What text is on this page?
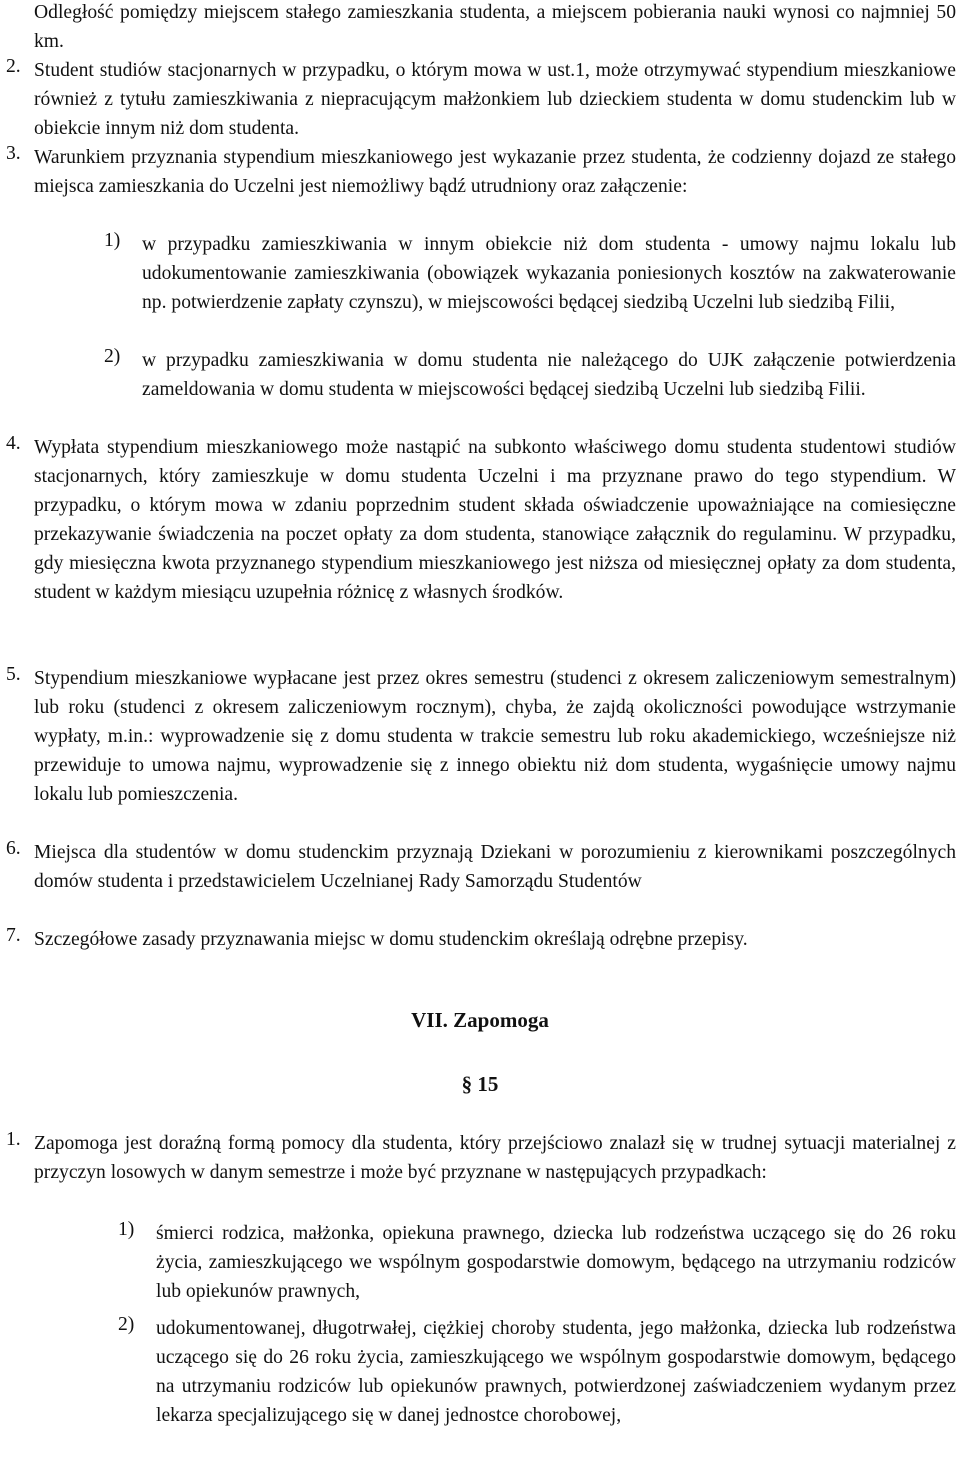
Odległość pomiędzy miejscem stałego zamieszkania studenta, a miejscem pobierania nauki wynosi co najmniej 50 km.
2. Student studiów stacjonarnych w przypadku, o którym mowa w ust.1, może otrzymywać stypendium mieszkaniowe również z tytułu zamieszkiwania z niepracującym małżonkiem lub dzieckiem studenta w domu studenckim lub w obiekcie innym niż dom studenta.
3. Warunkiem przyznania stypendium mieszkaniowego jest wykazanie przez studenta, że codzienny dojazd ze stałego miejsca zamieszkania do Uczelni jest niemożliwy bądź utrudniony oraz załączenie:
1) w przypadku zamieszkiwania w innym obiekcie niż dom studenta - umowy najmu lokalu lub udokumentowanie zamieszkiwania (obowiązek wykazania poniesionych kosztów na zakwaterowanie np. potwierdzenie zapłaty czynszu), w miejscowości będącej siedzibą Uczelni lub siedzibą Filii,
2) w przypadku zamieszkiwania w domu studenta nie należącego do UJK załączenie potwierdzenia zameldowania w domu studenta w miejscowości będącej siedzibą Uczelni lub siedzibą Filii.
4. Wypłata stypendium mieszkaniowego może nastąpić na subkonto właściwego domu studenta studentowi studiów stacjonarnych, który zamieszkuje w domu studenta Uczelni i ma przyznane prawo do tego stypendium. W przypadku, o którym mowa w zdaniu poprzednim student składa oświadczenie upoważniające na comiesięczne przekazywanie świadczenia na poczet opłaty za dom studenta, stanowiące załącznik do regulaminu. W przypadku, gdy miesięczna kwota przyznanego stypendium mieszkaniowego jest niższa od miesięcznej opłaty za dom studenta, student w każdym miesiącu uzupełnia różnicę z własnych środków.
5. Stypendium mieszkaniowe wypłacane jest przez okres semestru (studenci z okresem zaliczeniowym semestralnym) lub roku (studenci z okresem zaliczeniowym rocznym), chyba, że zajdą okoliczności powodujące wstrzymanie wypłaty, m.in.: wyprowadzenie się z domu studenta w trakcie semestru lub roku akademickiego, wcześniejsze niż przewiduje to umowa najmu, wyprowadzenie się z innego obiektu niż dom studenta, wygaśnięcie umowy najmu lokalu lub pomieszczenia.
6. Miejsca dla studentów w domu studenckim przyznają Dziekani w porozumieniu z kierownikami poszczególnych domów studenta i przedstawicielem Uczelnianej Rady Samorządu Studentów
7. Szczegółowe zasady przyznawania miejsc w domu studenckim określają odrębne przepisy.
VII. Zapomoga
§ 15
1. Zapomoga jest doraźną formą pomocy dla studenta, który przejściowo znalazł się w trudnej sytuacji materialnej z przyczyn losowych w danym semestrze i może być przyznane w następujących przypadkach:
1) śmierci rodzica, małżonka, opiekuna prawnego, dziecka lub rodzeństwa uczącego się do 26 roku życia, zamieszkującego we wspólnym gospodarstwie domowym, będącego na utrzymaniu rodziców lub opiekunów prawnych,
2) udokumentowanej, długotrwałej, ciężkiej choroby studenta, jego małżonka, dziecka lub rodzeństwa uczącego się do 26 roku życia, zamieszkującego we wspólnym gospodarstwie domowym, będącego na utrzymaniu rodziców lub opiekunów prawnych, potwierdzonej zaświadczeniem wydanym przez lekarza specjalizującego się w danej jednostce chorobowej,
